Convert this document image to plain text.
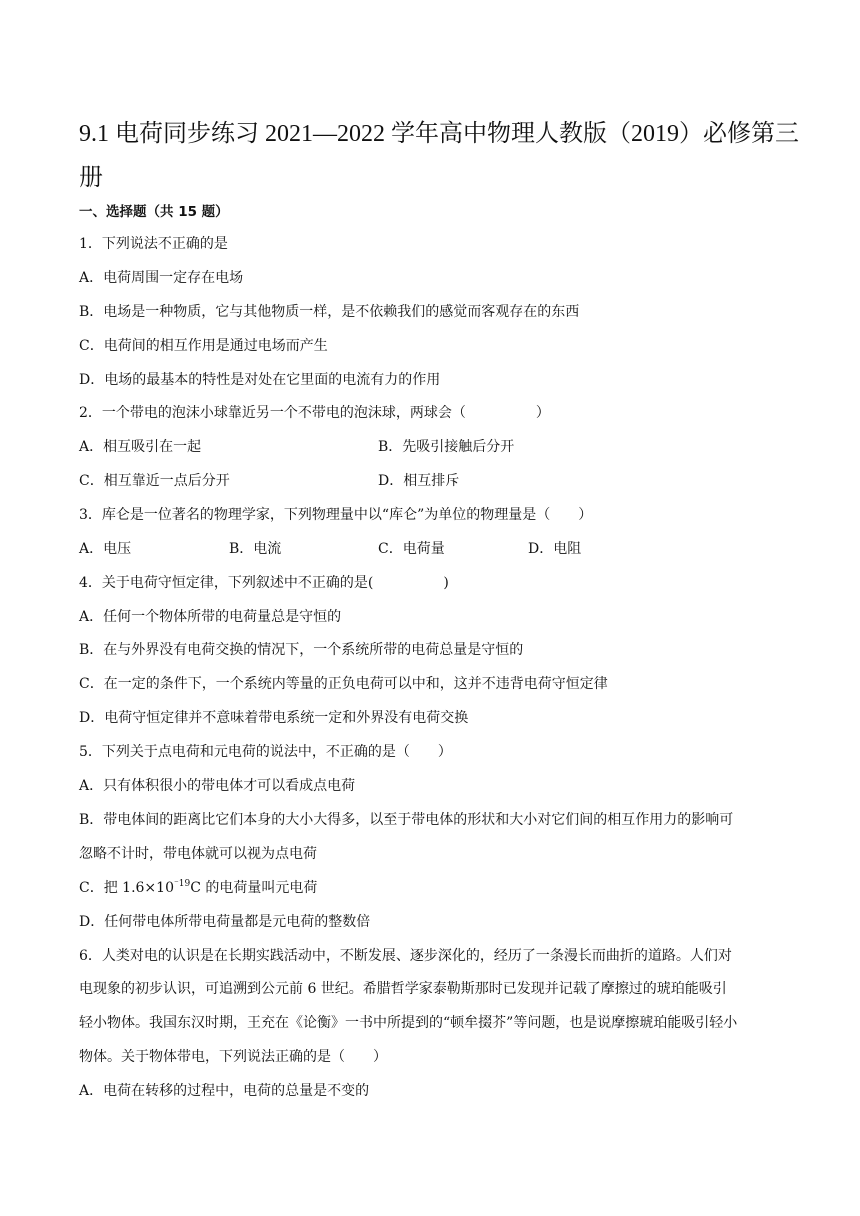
9.1 电荷同步练习 2021—2022 学年高中物理人教版（2019）必修第三
册
一、选择题（共 15 题）
1．下列说法不正确的是
A．电荷周围一定存在电场
B．电场是一种物质，它与其他物质一样，是不依赖我们的感觉而客观存在的东西
C．电荷间的相互作用是通过电场而产生
D．电场的最基本的特性是对处在它里面的电流有力的作用
2．一个带电的泡沫小球靠近另一个不带电的泡沫球，两球会（　　　　　）
A．相互吸引在一起	B．先吸引接触后分开
C．相互靠近一点后分开	D．相互排斥
3．库仑是一位著名的物理学家，下列物理量中以“库仑”为单位的物理量是（　　）
A．电压	B．电流	C．电荷量	D．电阻
4．关于电荷守恒定律，下列叙述中不正确的是(　　　　　)
A．任何一个物体所带的电荷量总是守恒的
B．在与外界没有电荷交换的情况下，一个系统所带的电荷总量是守恒的
C．在一定的条件下，一个系统内等量的正负电荷可以中和，这并不违背电荷守恒定律
D．电荷守恒定律并不意味着带电系统一定和外界没有电荷交换
5．下列关于点电荷和元电荷的说法中，不正确的是（　　）
A．只有体积很小的带电体才可以看成点电荷
B．带电体间的距离比它们本身的大小大得多，以至于带电体的形状和大小对它们间的相互作用力的影响可
忽略不计时，带电体就可以视为点电荷
C．把 $1.6\times 10^{^-19}C$ 的电荷量叫元电荷
D．任何带电体所带电荷量都是元电荷的整数倍
6．人类对电的认识是在长期实践活动中，不断发展、逐步深化的，经历了一条漫长而曲折的道路。人们对
电现象的初步认识，可追溯到公元前 6 世纪。希腊哲学家泰勒斯那时已发现并记载了摩擦过的琥珀能吸引
轻小物体。我国东汉时期，王充在《论衡》一书中所提到的“顿牟掇芥”等问题，也是说摩擦琥珀能吸引轻小
物体。关于物体带电，下列说法正确的是（　　）
A．电荷在转移的过程中，电荷的总量是不变的
